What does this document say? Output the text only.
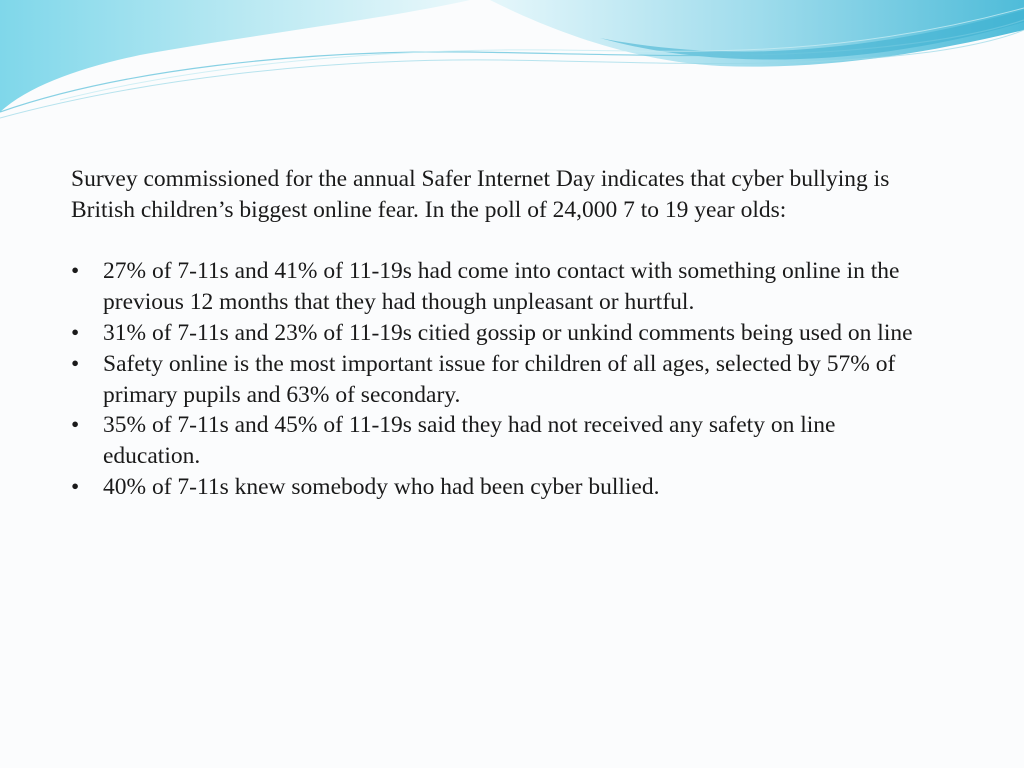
Survey commissioned for the annual Safer Internet Day indicates that cyber bullying is British children’s biggest online fear. In the poll of 24,000 7 to 19 year olds:

•	27% of 7-11s and 41% of 11-19s had come into contact with something online in the previous 12 months that they had though unpleasant or hurtful.
•	31% of 7-11s and 23% of 11-19s citied gossip or unkind comments being used on line
•	Safety online is the most important issue for children of all ages, selected by 57% of primary pupils and 63% of secondary.
•	35% of 7-11s and 45% of 11-19s said they had not received any safety on line education.
•	40% of 7-11s knew somebody who had been cyber bullied.
